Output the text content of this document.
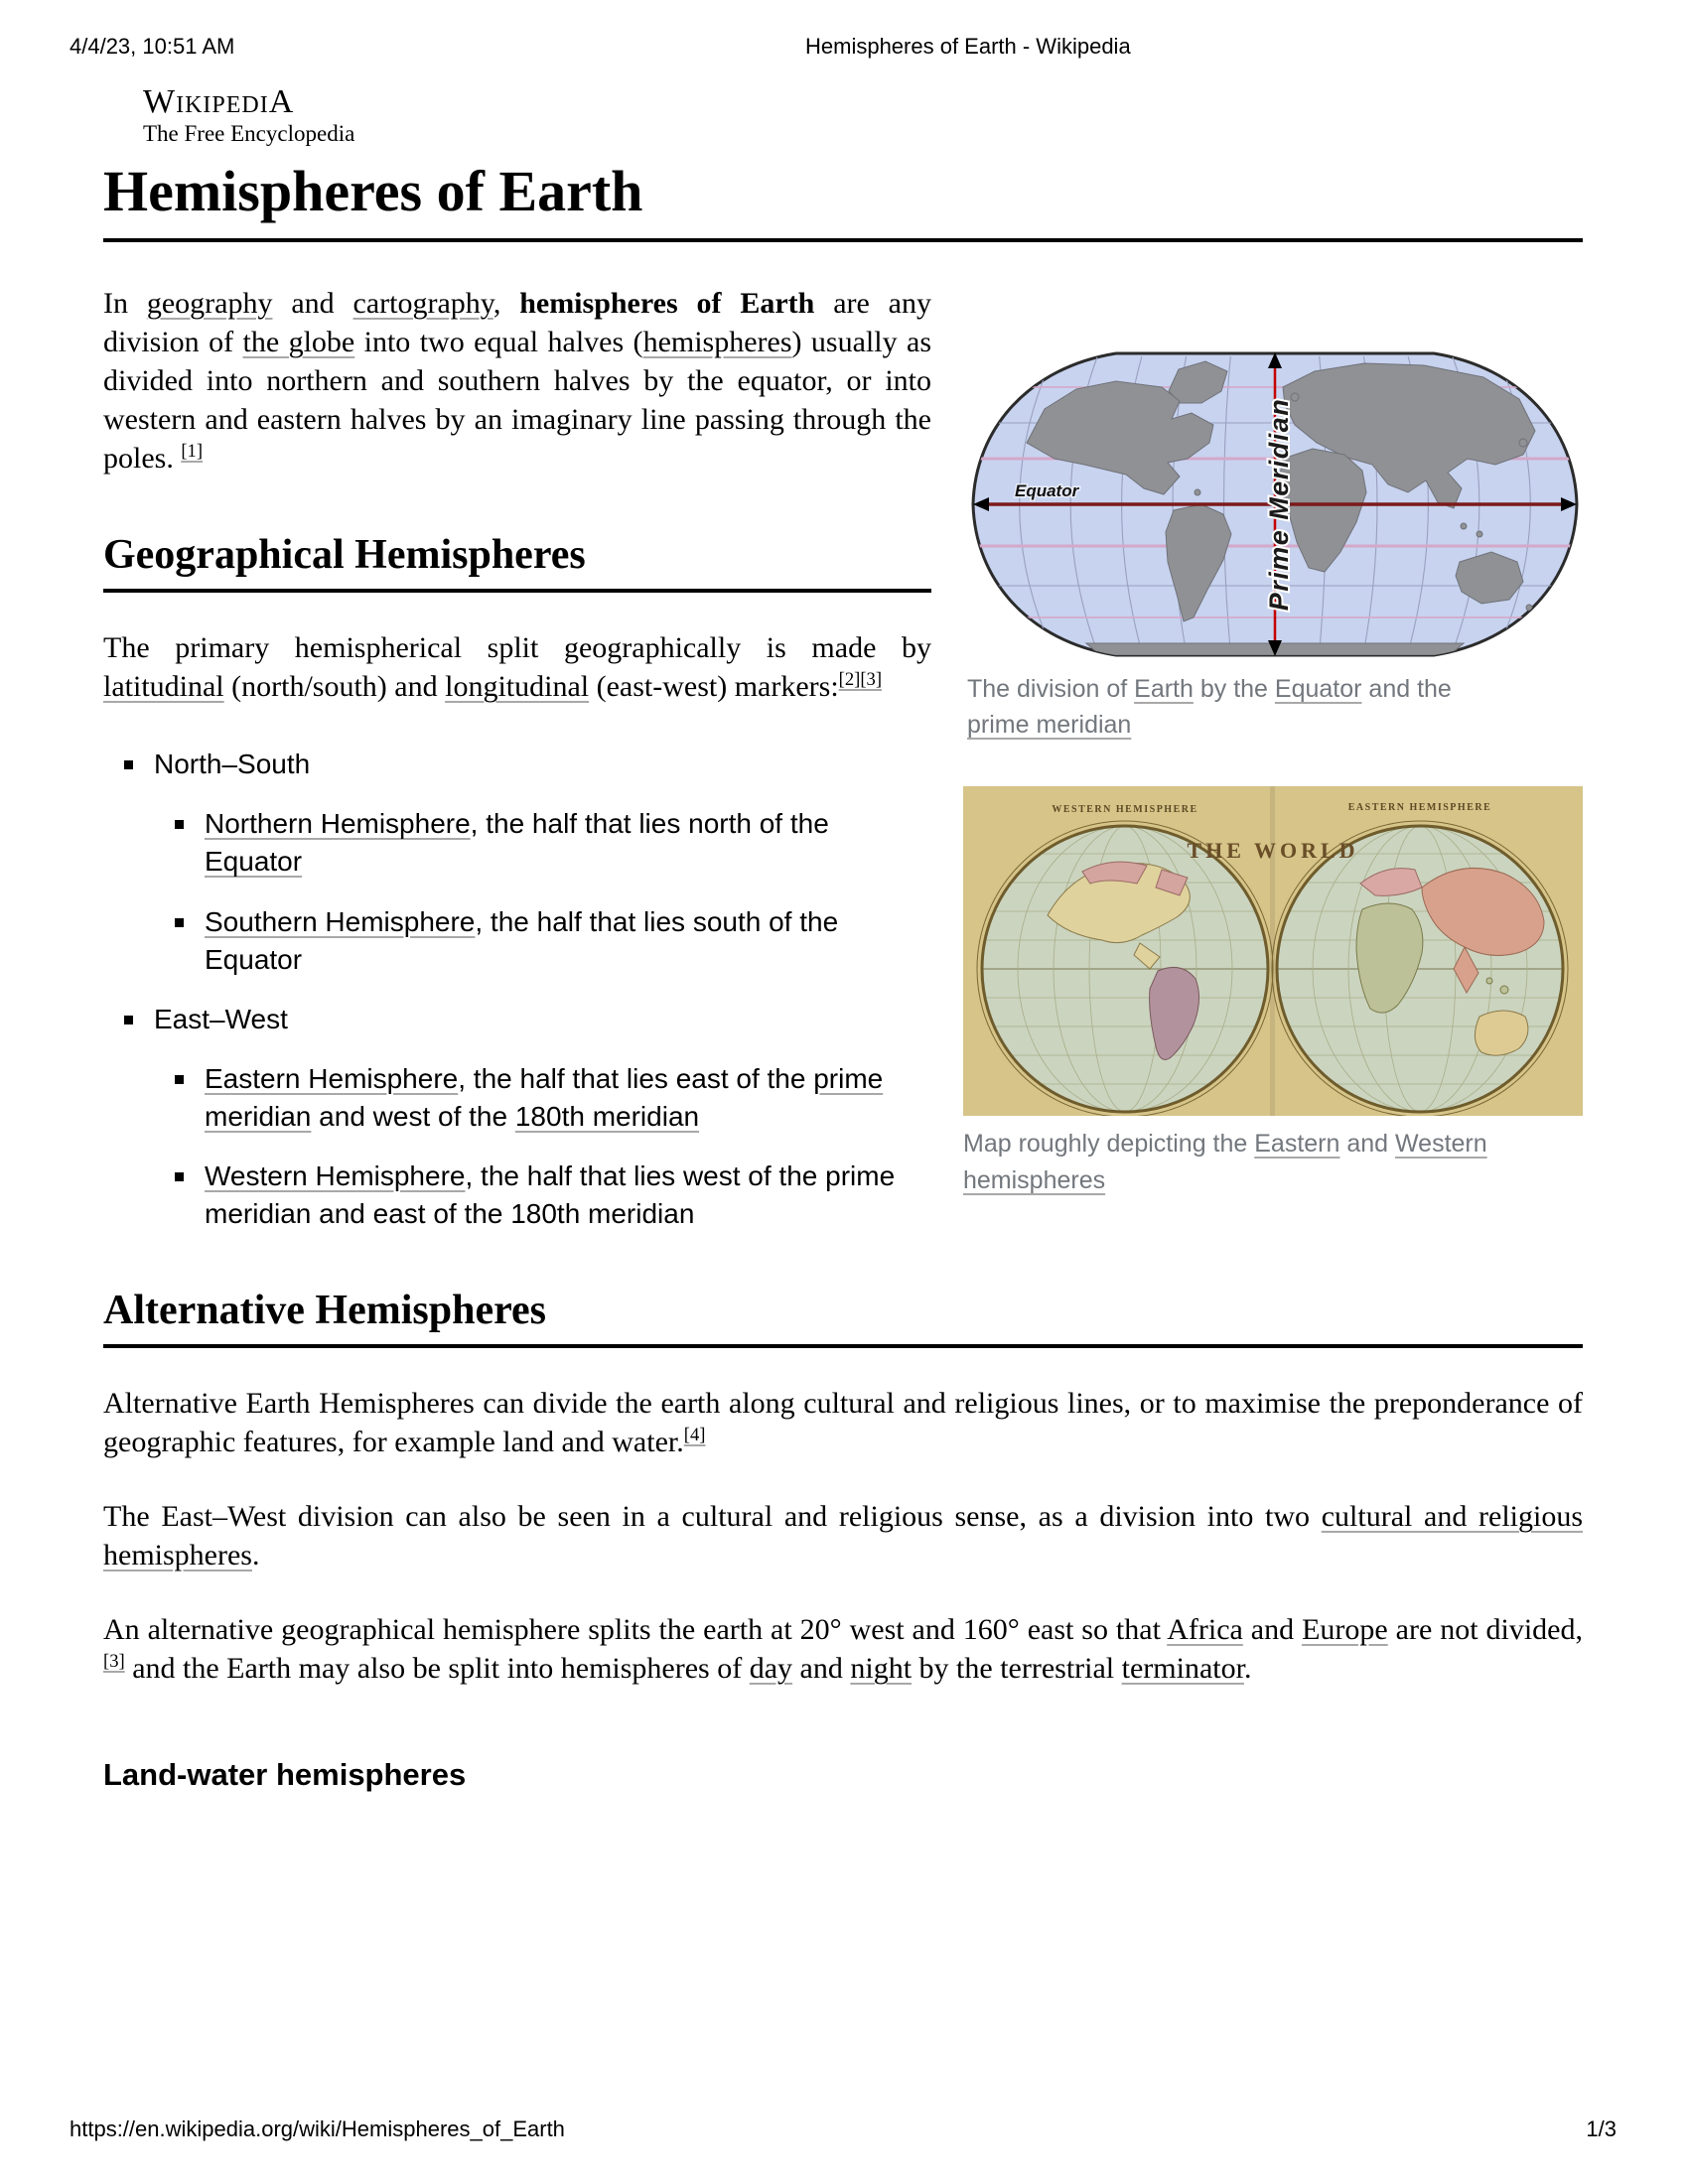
4/4/23, 10:51 AM	Hemispheres of Earth - Wikipedia
WikipediA
The Free Encyclopedia
Hemispheres of Earth
Equator	Prime Meridian
The division of Earth by the Equator and the prime meridian

In geography and cartography, hemispheres of Earth are any division of the globe into two equal halves (hemispheres) usually as divided into northern and southern halves by the equator, or into western and eastern halves by an imaginary line passing through the poles. [1]

Geographical Hemispheres

The primary hemispherical split geographically is made by latitudinal (north/south) and longitudinal (east-west) markers:[2][3]

WESTERN HEMISPHERE	EASTERN HEMISPHERE
THE WORLD
Map roughly depicting the Eastern and Western hemispheres
North–South
Northern Hemisphere, the half that lies north of the Equator
Southern Hemisphere, the half that lies south of the Equator
East–West
Eastern Hemisphere, the half that lies east of the prime meridian and west of the 180th meridian
Western Hemisphere, the half that lies west of the prime meridian and east of the 180th meridian
Alternative Hemispheres

Alternative Earth Hemispheres can divide the earth along cultural and religious lines, or to maximise the preponderance of geographic features, for example land and water.[4]

The East–West division can also be seen in a cultural and religious sense, as a division into two cultural and religious hemispheres.

An alternative geographical hemisphere splits the earth at 20° west and 160° east so that Africa and Europe are not divided,[3] and the Earth may also be split into hemispheres of day and night by the terrestrial terminator.

Land-water hemispheres
https://en.wikipedia.org/wiki/Hemispheres_of_Earth	1/3
